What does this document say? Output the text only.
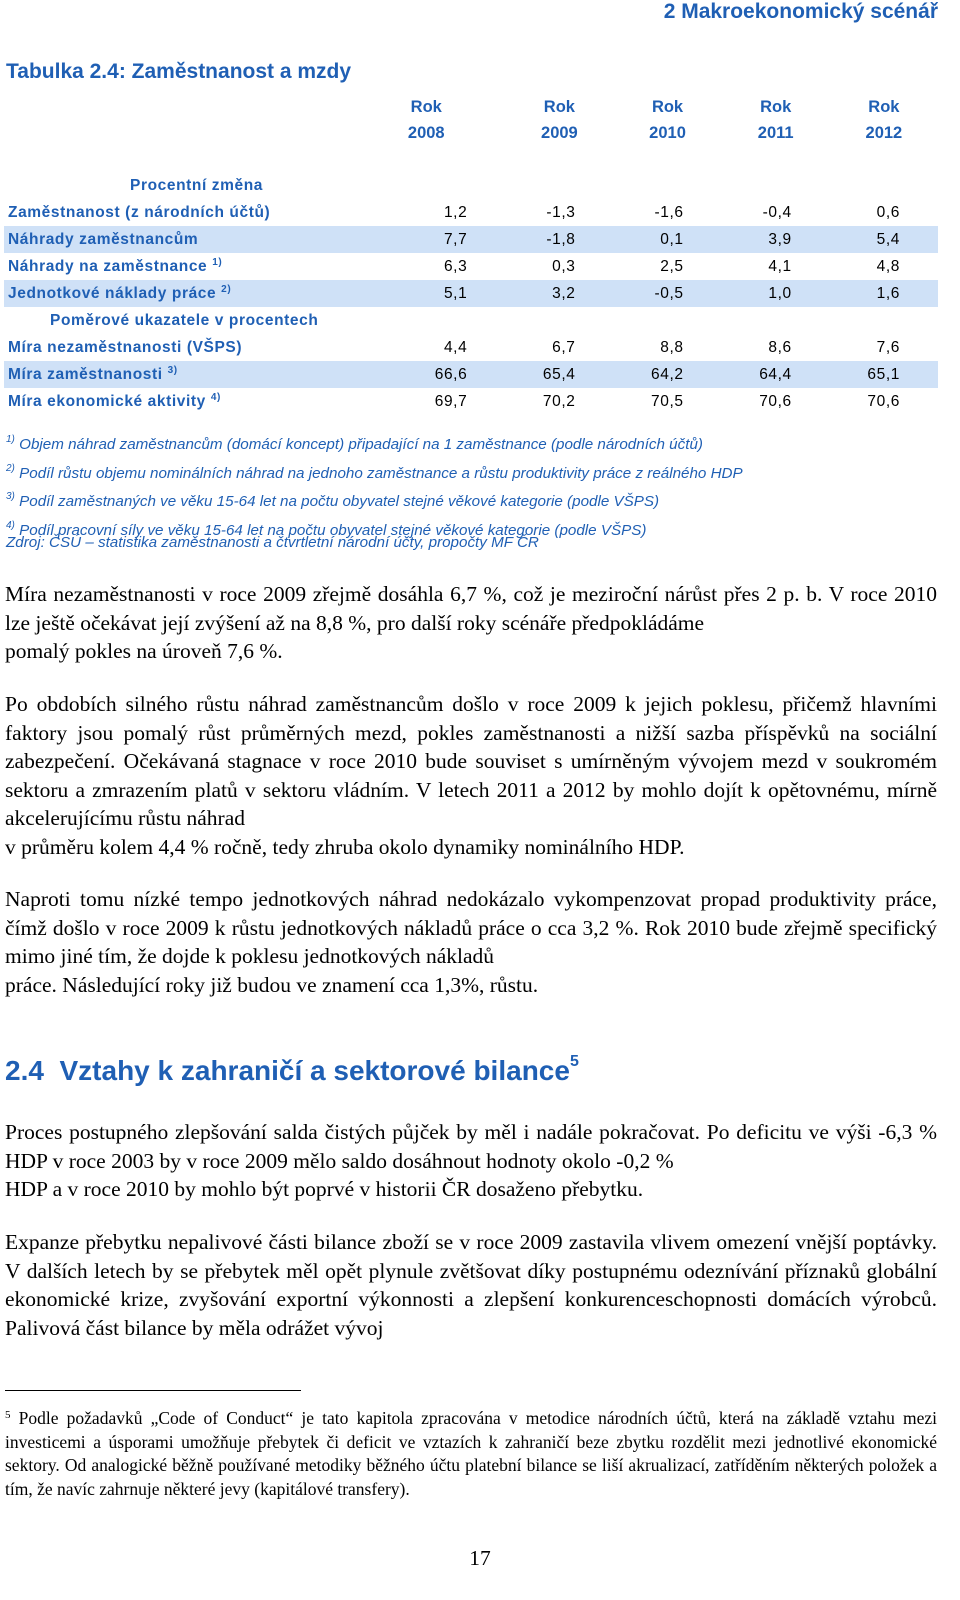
2 Makroekonomický scénář
Tabulka 2.4: Zaměstnanost a mzdy
	Rok	Rok	Rok	Rok	Rok
	2008	2009	2010	2011	2012

Procentní změna					
Zaměstnanost (z národních účtů)	1,2	-1,3	-1,6	-0,4	0,6
Náhrady zaměstnancům	7,7	-1,8	0,1	3,9	5,4
Náhrady na zaměstnance $^{1)}$	6,3	0,3	2,5	4,1	4,8
Jednotkové náklady práce $^{2)}$	5,1	3,2	-0,5	1,0	1,6
Poměrové ukazatele v procentech					
Míra nezaměstnanosti (VŠPS)	4,4	6,7	8,8	8,6	7,6
Míra zaměstnanosti $^{3)}$	66,6	65,4	64,2	64,4	65,1
Míra ekonomické aktivity $^{4)}$	69,7	70,2	70,5	70,6	70,6
$^{1)}$ Objem náhrad zaměstnancům (domácí koncept) připadající na 1 zaměstnance (podle národních účtů)
$^{2)}$ Podíl růstu objemu nominálních náhrad na jednoho zaměstnance a růstu produktivity práce z reálného HDP
$^{3)}$ Podíl zaměstnaných ve věku 15-64 let na počtu obyvatel stejné věkové kategorie (podle VŠPS)
$^{4)}$ Podíl pracovní síly ve věku 15-64 let na počtu obyvatel stejné věkové kategorie (podle VŠPS)
Zdroj: ČSÚ – statistika zaměstnanosti a čtvrtletní národní účty, propočty MF ČR
Míra nezaměstnanosti v roce 2009 zřejmě dosáhla 6,7 %, což je meziroční nárůst přes 2 p. b. V roce 2010 lze ještě očekávat její zvýšení až na 8,8 %, pro další roky scénáře předpokládáme
pomalý pokles na úroveň 7,6 %.
Po obdobích silného růstu náhrad zaměstnancům došlo v roce 2009 k jejich poklesu, přičemž hlavními faktory jsou pomalý růst průměrných mezd, pokles zaměstnanosti a nižší sazba příspěvků na sociální zabezpečení. Očekávaná stagnace v roce 2010 bude souviset s umírněným vývojem mezd v soukromém sektoru a zmrazením platů v sektoru vládním. V letech 2011 a 2012 by mohlo dojít k opětovnému, mírně akcelerujícímu růstu náhrad
v průměru kolem 4,4 % ročně, tedy zhruba okolo dynamiky nominálního HDP.
Naproti tomu nízké tempo jednotkových náhrad nedokázalo vykompenzovat propad produktivity práce, čímž došlo v roce 2009 k růstu jednotkových nákladů práce o cca 3,2 %. Rok 2010 bude zřejmě specifický mimo jiné tím, že dojde k poklesu jednotkových nákladů
práce. Následující roky již budou ve znamení cca 1,3%, růstu.
2.4 Vztahy k zahraničí a sektorové bilance$^5$
Proces postupného zlepšování salda čistých půjček by měl i nadále pokračovat. Po deficitu ve výši -6,3 % HDP v roce 2003 by v roce 2009 mělo saldo dosáhnout hodnoty okolo -0,2 %
HDP a v roce 2010 by mohlo být poprvé v historii ČR dosaženo přebytku.
Expanze přebytku nepalivové části bilance zboží se v roce 2009 zastavila vlivem omezení vnější poptávky. V dalších letech by se přebytek měl opět plynule zvětšovat díky postupnému odeznívání příznaků globální ekonomické krize, zvyšování exportní výkonnosti a zlepšení konkurenceschopnosti domácích výrobců. Palivová část bilance by měla odrážet vývoj
$^5$ Podle požadavků „Code of Conduct“ je tato kapitola zpracována v metodice národních účtů, která na základě vztahu mezi investicemi a úsporami umožňuje přebytek či deficit ve vztazích k zahraničí beze zbytku rozdělit mezi jednotlivé ekonomické sektory. Od analogické běžně používané metodiky běžného účtu platební bilance se liší akrualizací, zatříděním některých položek a tím, že navíc zahrnuje některé jevy (kapitálové transfery).
17
